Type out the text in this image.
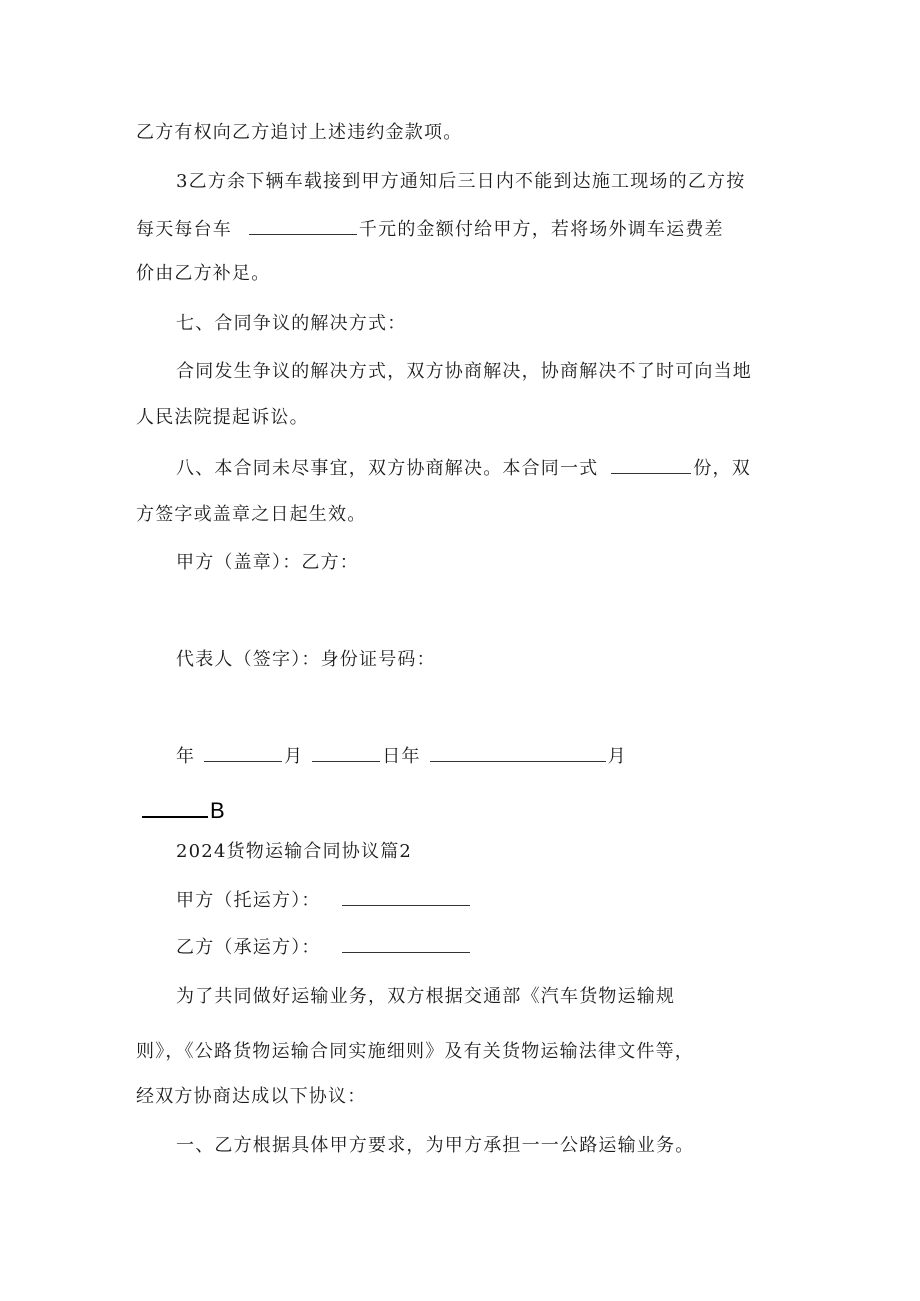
乙方有权向乙方追讨上述违约金款项。
3乙方余下辆车载接到甲方通知后三日内不能到达施工现场的乙方按
每天每台车	千元的金额付给甲方，若将场外调车运费差
价由乙方补足。
七、合同争议的解决方式：
合同发生争议的解决方式，双方协商解决，协商解决不了时可向当地
人民法院提起诉讼。
八、本合同未尽事宜，双方协商解决。本合同一式	份，双
方签字或盖章之日起生效。
甲方（盖章）：乙方：
代表人（签字）：身份证号码：
年	月	日年	月
B
2024货物运输合同协议篇2
甲方（托运方）：
乙方（承运方）：
为了共同做好运输业务，双方根据交通部《汽车货物运输规
则》，《公路货物运输合同实施细则》及有关货物运输法律文件等，
经双方协商达成以下协议：
一、乙方根据具体甲方要求，为甲方承担一一公路运输业务。
